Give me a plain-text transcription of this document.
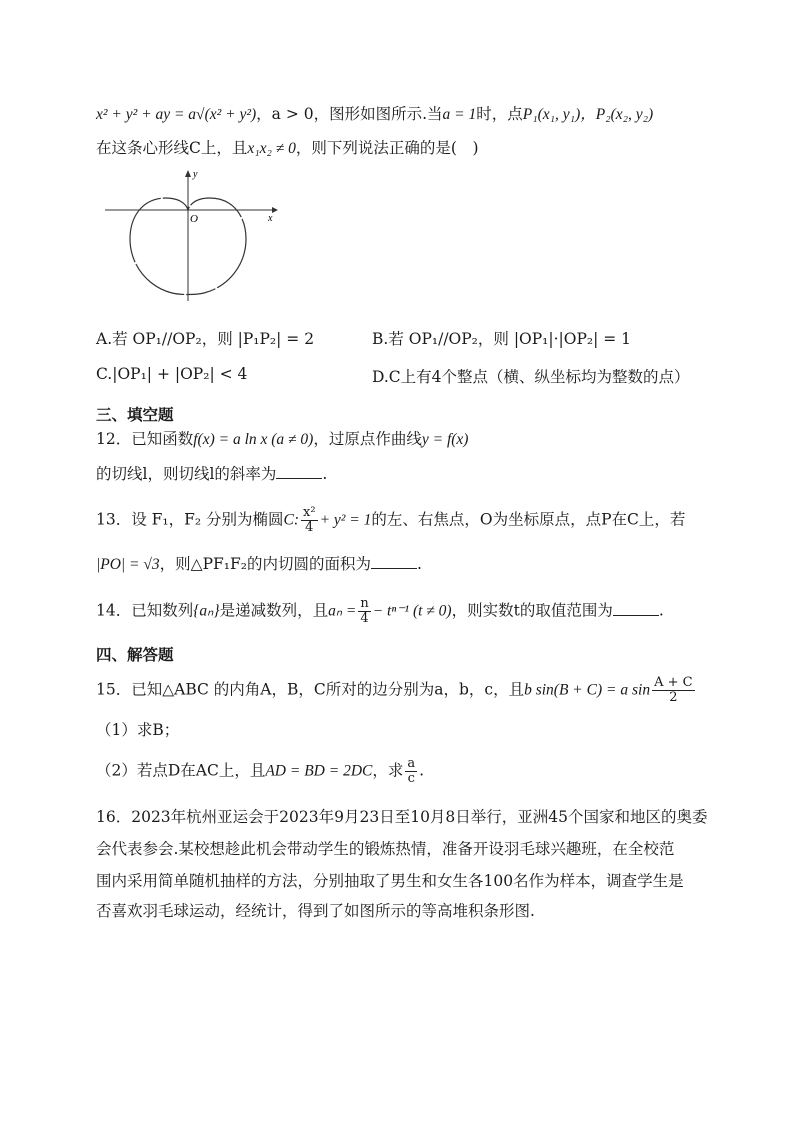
x² + y² + ay = a√(x² + y²)，a > 0，图形如图所示.当a = 1时，点P₁(x₁, y₁)，P₂(x₂, y₂)
在这条心形线C上，且x₁x₂ ≠ 0，则下列说法正确的是(　)
x
y
O
A.若 OP₁//OP₂，则 |P₁P₂| = 2	B.若 OP₁//OP₂，则 |OP₁|·|OP₂| = 1
C.|OP₁| + |OP₂| < 4	D.C上有4个整点（横、纵坐标均为整数的点）
三、填空题
12．已知函数f(x) = a ln x (a ≠ 0)，过原点作曲线y = f(x)
的切线l，则切线l的斜率为	.
13．设 F₁，F₂ 分别为椭圆C: $\frac{\text{x²}}{4} + y^2 = 1$的左、右焦点，O为坐标原点，点P在C上，若
|PO| = √3，则△PF₁F₂的内切圆的面积为	.
14．已知数列{aₙ}是递减数列，且$a_n = \frac{n}{4} - t^{n-1}$ (t ≠ 0)，则实数t的取值范围为	.
四、解答题
15．已知△ABC 的内角A，B，C所对的边分别为a，b，c，且b sin(B + C) = a $\sin \frac{A + C}{2}$
（1）求B；
（2）若点D在AC上，且AD = BD = 2DC，求 $\frac{a}{c}$ .
16．2023年杭州亚运会于2023年9月23日至10月8日举行，亚洲45个国家和地区的奥委
会代表参会.某校想趁此机会带动学生的锻炼热情，准备开设羽毛球兴趣班，在全校范
围内采用简单随机抽样的方法，分别抽取了男生和女生各100名作为样本，调查学生是
否喜欢羽毛球运动，经统计，得到了如图所示的等高堆积条形图.
